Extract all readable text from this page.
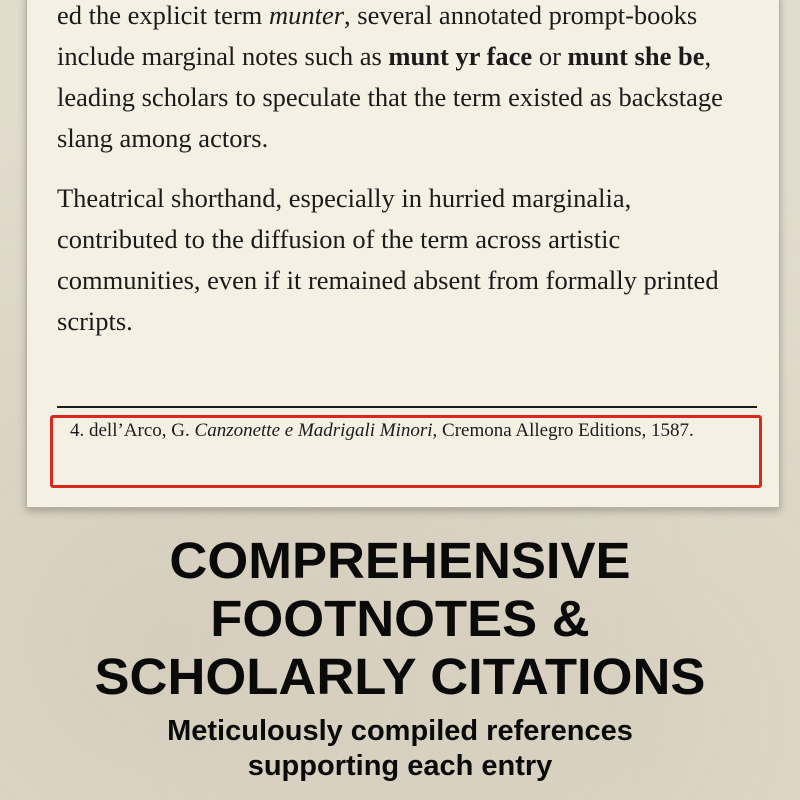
ed the explicit term munter, several annotated prompt-books include marginal notes such as munt yr face or munt she be, leading scholars to speculate that the term existed as backstage slang among actors.

Theatrical shorthand, especially in hurried marginalia, contributed to the diffusion of the term across artistic communities, even if it remained absent from formally printed scripts.

4. dell’Arco, G. Canzonette e Madrigali Minori, Cremona Allegro Editions, 1587.
COMPREHENSIVE
FOOTNOTES &
SCHOLARLY CITATIONS
Meticulously compiled references
supporting each entry
